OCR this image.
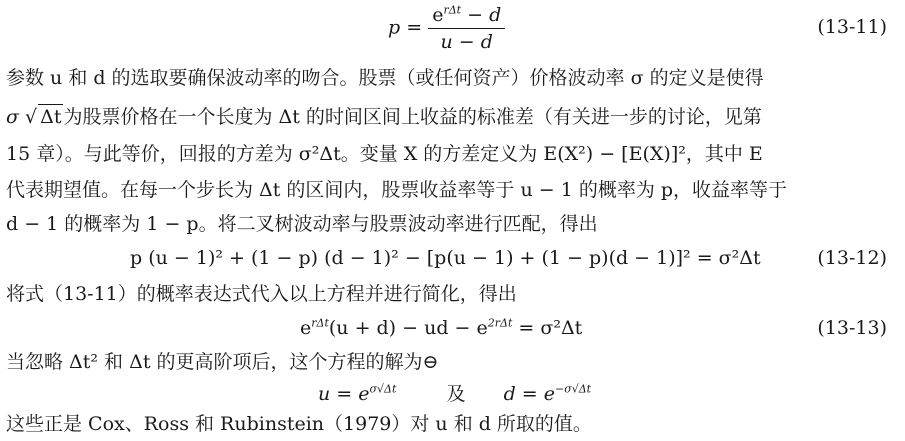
$p = \frac{e^{r\Delta t} - d}{u - d}$	(13-11)
参数 u 和 d 的选取要确保波动率的吻合。股票（或任何资产）价格波动率 σ 的定义是使得
σ √ Δt 为股票价格在一个长度为 Δt 的时间区间上收益的标准差（有关进一步的讨论，见第
15 章）。与此等价，回报的方差为 σ²Δt。变量 X 的方差定义为 E(X²) − [E(X)]²，其中 E
代表期望值。在每一个步长为 Δt 的区间内，股票收益率等于 u − 1 的概率为 p，收益率等于
d − 1 的概率为 1 − p。将二叉树波动率与股票波动率进行匹配，得出
p (u − 1)² + (1 − p) (d − 1)² − [p(u − 1) + (1 − p)(d − 1)]² = σ²Δt	(13-12)
将式（13-11）的概率表达式代入以上方程并进行简化，得出
$e^{r\Delta t}(u + d)$ − ud − $e^{2r\Delta t} = \sigma^2\Delta t$	(13-13)
当忽略 Δt² 和 Δt 的更高阶项后，这个方程的解为⊖
$u = e^{\sigma√\Delta t}$	及 $d = e^{-\sigma√\Delta t}$
这些正是 Cox、Ross 和 Rubinstein（1979）对 u 和 d 所取的值。
